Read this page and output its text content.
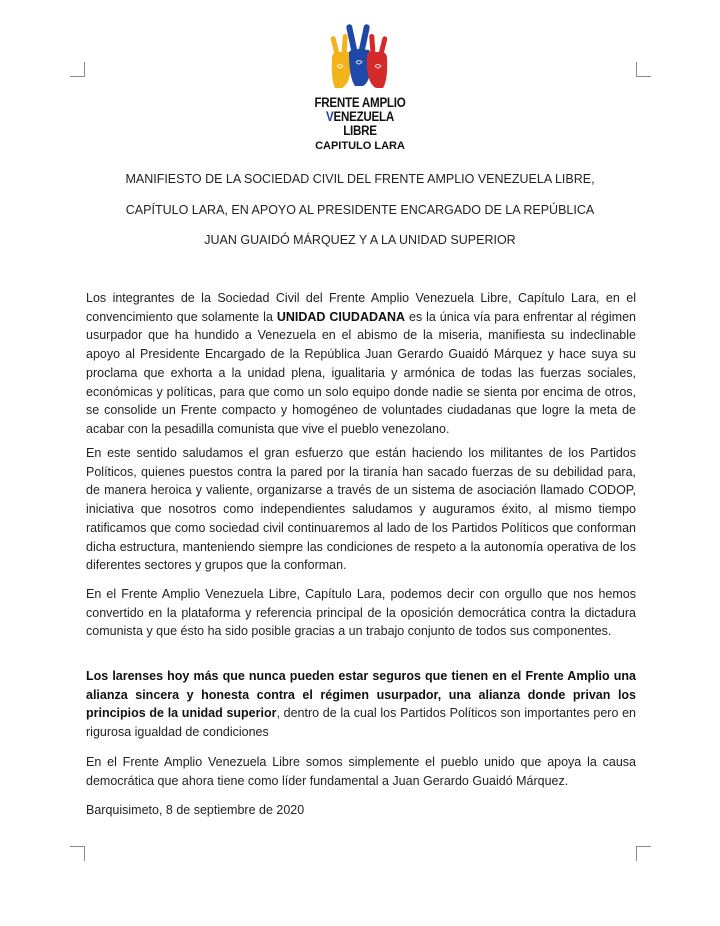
FRENTE AMPLIO
VENEZUELA LIBRE
CAPITULO LARA
MANIFIESTO DE LA SOCIEDAD CIVIL DEL FRENTE AMPLIO VENEZUELA LIBRE,
CAPÍTULO LARA, EN APOYO AL PRESIDENTE ENCARGADO DE LA REPÚBLICA
JUAN GUAIDÓ MÁRQUEZ Y A LA UNIDAD SUPERIOR
Los integrantes de la Sociedad Civil del Frente Amplio Venezuela Libre, Capítulo Lara, en el convencimiento que solamente la UNIDAD CIUDADANA es la única vía para enfrentar al régimen usurpador que ha hundido a Venezuela en el abismo de la miseria, manifiesta su indeclinable apoyo al Presidente Encargado de la República Juan Gerardo Guaidó Márquez y hace suya su proclama que exhorta a la unidad plena, igualitaria y armónica de todas las fuerzas sociales, económicas y políticas, para que como un solo equipo donde nadie se sienta por encima de otros, se consolide un Frente compacto y homogéneo de voluntades ciudadanas que logre la meta de acabar con la pesadilla comunista que vive el pueblo venezolano.
En este sentido saludamos el gran esfuerzo que están haciendo los militantes de los Partidos Políticos, quienes puestos contra la pared por la tiranía han sacado fuerzas de su debilidad para, de manera heroica y valiente, organizarse a través de un sistema de asociación llamado CODOP, iniciativa que nosotros como independientes saludamos y auguramos éxito, al mismo tiempo ratificamos que como sociedad civil continuaremos al lado de los Partidos Políticos que conforman dicha estructura, manteniendo siempre las condiciones de respeto a la autonomía operativa de los diferentes sectores y grupos que la conforman.
En el Frente Amplio Venezuela Libre, Capítulo Lara, podemos decir con orgullo que nos hemos convertido en la plataforma y referencia principal de la oposición democrática contra la dictadura comunista y que ésto ha sido posible gracias a un trabajo conjunto de todos sus componentes.
Los larenses hoy más que nunca pueden estar seguros que tienen en el Frente Amplio una alianza sincera y honesta contra el régimen usurpador, una alianza donde privan los principios de la unidad superior, dentro de la cual los Partidos Políticos son importantes pero en rigurosa igualdad de condiciones
En el Frente Amplio Venezuela Libre somos simplemente el pueblo unido que apoya la causa democrática que ahora tiene como líder fundamental a Juan Gerardo Guaidó Márquez.
Barquisimeto, 8 de septiembre de 2020
